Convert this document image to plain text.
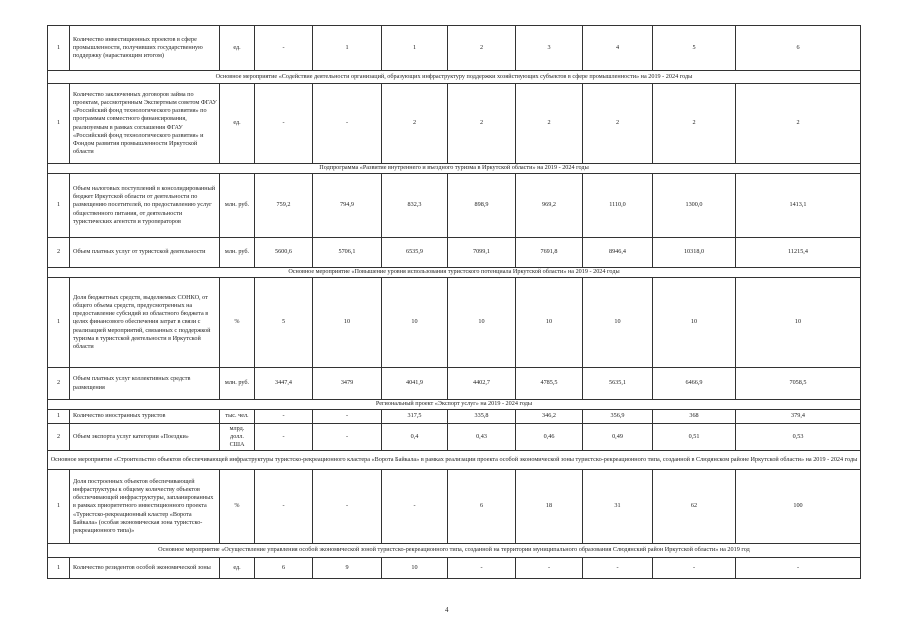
1	Количество инвестиционных проектов в сфере промышленности, получивших государственную поддержку (нарастающим итогом)	ед.	-	1	1	2	3	4	5	6
Основное мероприятие «Содействие деятельности организаций, образующих инфраструктуру поддержки хозяйствующих субъектов в сфере промышленности» на 2019 - 2024 годы										
1	Количество заключенных договоров займа по проектам, рассмотренным Экспертным советом ФГАУ «Российский фонд технологического развития» по программам совместного финансирования, реализуемым в рамках соглашения ФГАУ «Российский фонд технологического развития» и Фондом развития промышленности Иркутской области	ед.	-	-	2	2	2	2	2	2
Подпрограмма «Развитие внутреннего и въездного туризма в Иркутской области» на 2019 - 2024 годы										
1	Объем налоговых поступлений в консолидированный бюджет Иркутской области от деятельности по размещению посетителей, по предоставлению услуг общественного питания, от деятельности туристических агентств и туроператоров	млн. руб.	759,2	794,9	832,3	898,9	969,2	1110,0	1300,0	1413,1
2	Объем платных услуг от туристской деятельности	млн. руб.	5600,6	5706,1	6535,9	7099,1	7691,8	8946,4	10318,0	11215,4
Основное мероприятие «Повышение уровня использования туристского потенциала Иркутской области» на 2019 - 2024 годы										
1	Доля бюджетных средств, выделяемых СОНКО, от общего объема средств, предусмотренных на предоставление субсидий из областного бюджета в целях финансового обеспечения затрат в связи с реализацией мероприятий, связанных с поддержкой туризма в туристской деятельности в Иркутской области	%	5	10	10	10	10	10	10	10
2	Объем платных услуг коллективных средств размещения	млн. руб.	3447,4	3479	4041,9	4402,7	4785,5	5635,1	6466,9	7058,5
Региональный проект «Экспорт услуг» на 2019 - 2024 годы										
1	Количество иностранных туристов	тыс. чел.	-	-	317,5	335,8	346,2	356,9	368	379,4
2	Объем экспорта услуг категории «Поездки»	млрд. долл. США	-	-	0,4	0,43	0,46	0,49	0,51	0,53
Основное мероприятие «Строительство объектов обеспечивающей инфраструктуры туристско-рекреационного кластера «Ворота Байкала» в рамках реализации проекта особой экономической зоны туристско-рекреационного типа, созданной в Слюдянском районе Иркутской области» на 2019 - 2024 годы										
1	Доля построенных объектов обеспечивающей инфраструктуры к общему количеству объектов обеспечивающей инфраструктуры, запланированных в рамках приоритетного инвестиционного проекта «Туристско-рекреационный кластер «Ворота Байкала» (особая экономическая зона туристско-рекреационного типа)»	%	-	-	-	6	18	31	62	100
Основное мероприятие «Осуществление управления особой экономической зоной туристско-рекреационного типа, созданной на территории муниципального образования Слюдянский район Иркутской области» на 2019 год										
1	Количество резидентов особой экономической зоны	ед.	6	9	10	-	-	-	-	-
4
